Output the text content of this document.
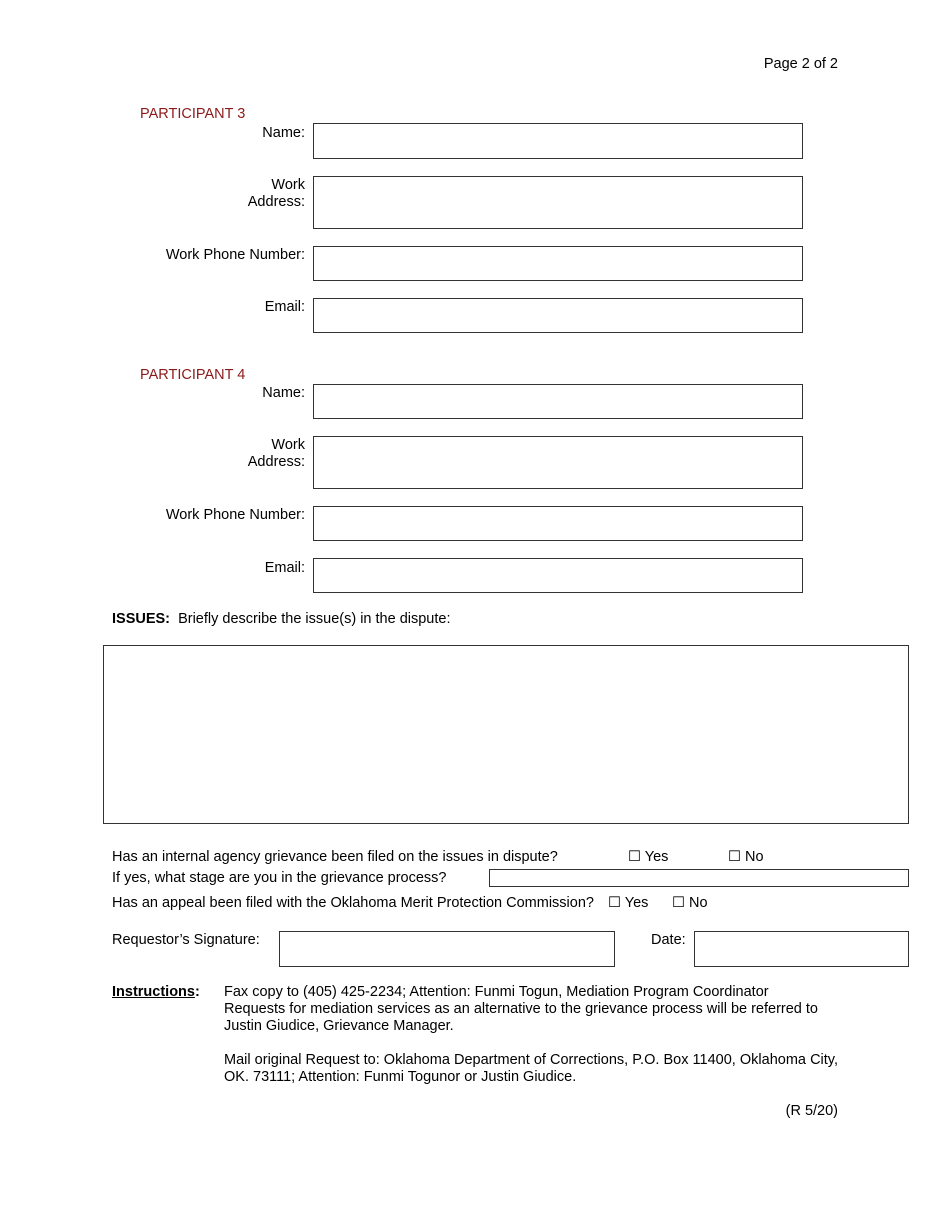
Page 2 of 2
PARTICIPANT 3
Name:
Work
Address:
Work Phone Number:
Email:
PARTICIPANT 4
Name:
Work
Address:
Work Phone Number:
Email:
ISSUES: Briefly describe the issue(s) in the dispute:
Has an internal agency grievance been filed on the issues in dispute?	☐ Yes	☐ No
If yes, what stage are you in the grievance process?
Has an appeal been filed with the Oklahoma Merit Protection Commission? ☐ Yes ☐ No
Requestor’s Signature:	Date:
Instructions: Fax copy to (405) 425-2234; Attention: Funmi Togun, Mediation Program Coordinator
Requests for mediation services as an alternative to the grievance process will be referred to Justin Giudice, Grievance Manager.
Mail original Request to: Oklahoma Department of Corrections, P.O. Box 11400, Oklahoma City, OK. 73111; Attention: Funmi Togunor or Justin Giudice.
(R 5/20)
